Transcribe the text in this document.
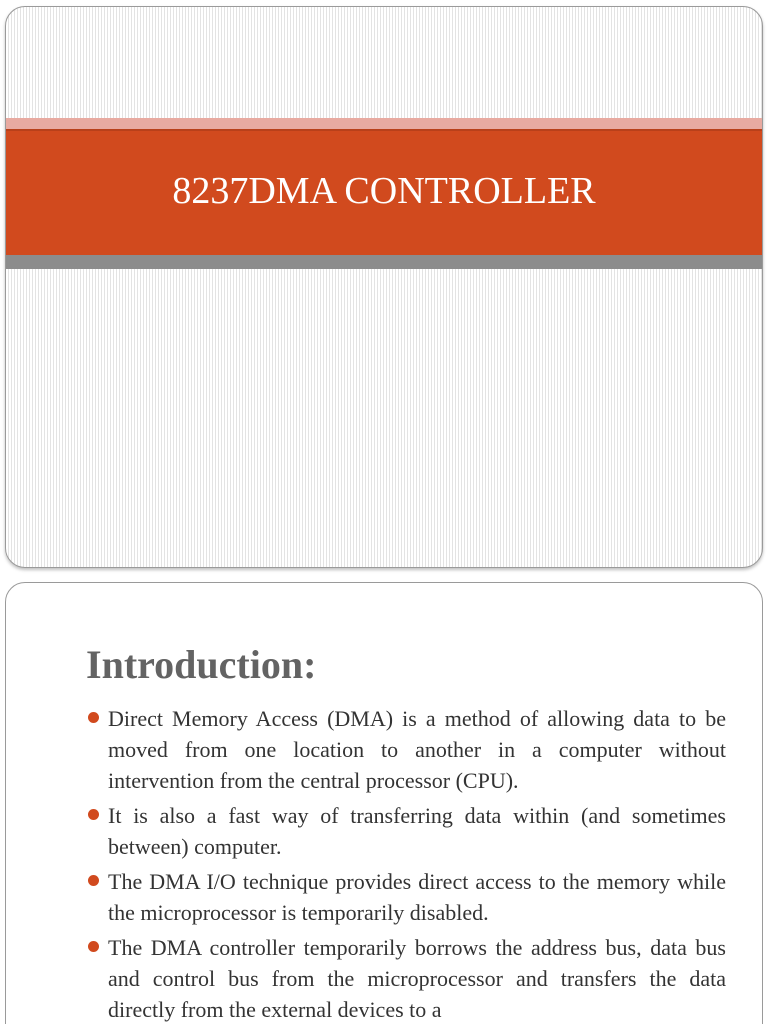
8237DMA CONTROLLER
Introduction:
Direct Memory Access (DMA) is a method of allowing data to be moved from one location to another in a computer without intervention from the central processor (CPU).
It is also a fast way of transferring data within (and sometimes between) computer.
The DMA I/O technique provides direct access to the memory while the microprocessor is temporarily disabled.
The DMA controller temporarily borrows the address bus, data bus and control bus from the microprocessor and transfers the data directly from the external devices to a
